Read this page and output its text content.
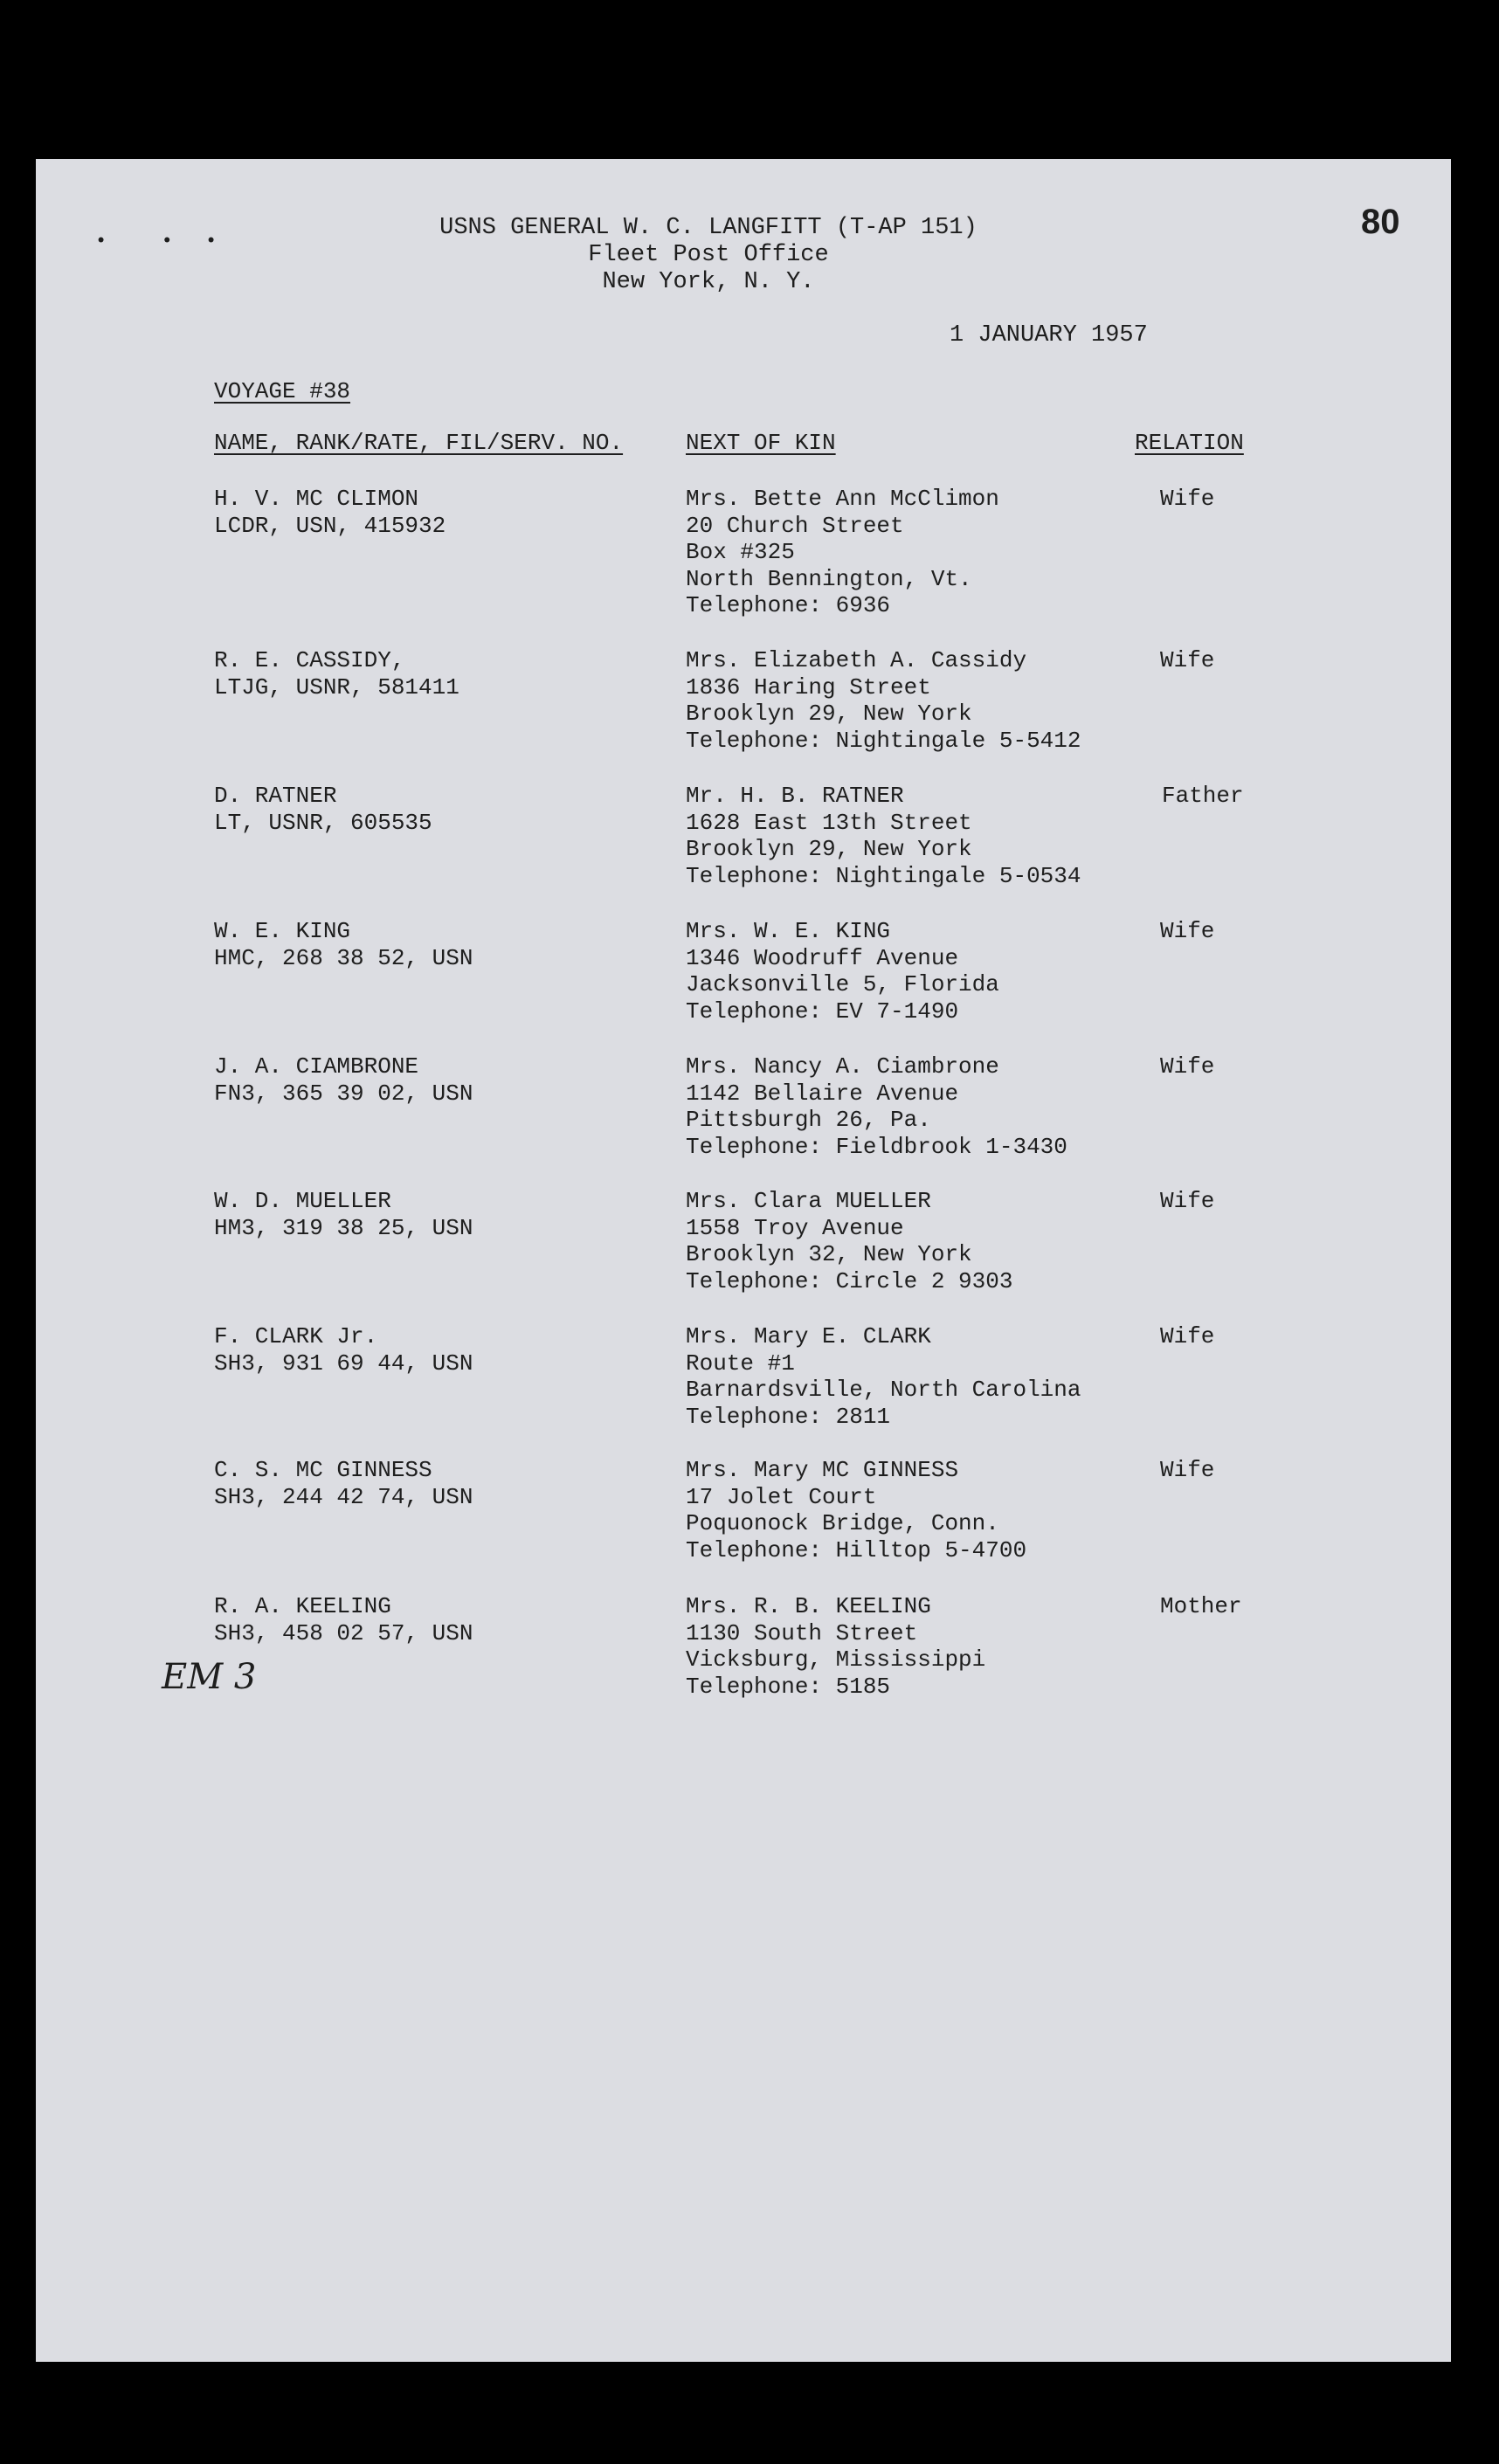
•  • •
80
USNS GENERAL W. C. LANGFITT (T-AP 151)
Fleet Post Office
New York, N. Y.
1 JANUARY 1957
VOYAGE #38
NAME, RANK/RATE, FIL/SERV. NO.	NEXT OF KIN	RELATION
H. V. MC CLIMON
LCDR, USN, 415932
Mrs. Bette Ann McClimon
20 Church Street
Box #325
North Bennington, Vt.
Telephone: 6936
Wife
R. E. CASSIDY,
LTJG, USNR, 581411
Mrs. Elizabeth A. Cassidy
1836 Haring Street
Brooklyn 29, New York
Telephone: Nightingale 5-5412
Wife
D. RATNER
LT, USNR, 605535
Mr. H. B. RATNER
1628 East 13th Street
Brooklyn 29, New York
Telephone: Nightingale 5-0534
Father
W. E. KING
HMC, 268 38 52, USN
Mrs. W. E. KING
1346 Woodruff Avenue
Jacksonville 5, Florida
Telephone: EV 7-1490
Wife
J. A. CIAMBRONE
FN3, 365 39 02, USN
Mrs. Nancy A. Ciambrone
1142 Bellaire Avenue
Pittsburgh 26, Pa.
Telephone: Fieldbrook 1-3430
Wife
W. D. MUELLER
HM3, 319 38 25, USN
Mrs. Clara MUELLER
1558 Troy Avenue
Brooklyn 32, New York
Telephone: Circle 2 9303
Wife
F. CLARK Jr.
SH3, 931 69 44, USN
Mrs. Mary E. CLARK
Route #1
Barnardsville, North Carolina
Telephone: 2811
Wife
C. S. MC GINNESS
SH3, 244 42 74, USN
Mrs. Mary MC GINNESS
17 Jolet Court
Poquonock Bridge, Conn.
Telephone: Hilltop 5-4700
Wife
R. A. KEELING
SH3, 458 02 57, USN
Mrs. R. B. KEELING
1130 South Street
Vicksburg, Mississippi
Telephone: 5185
Mother
EM 3
